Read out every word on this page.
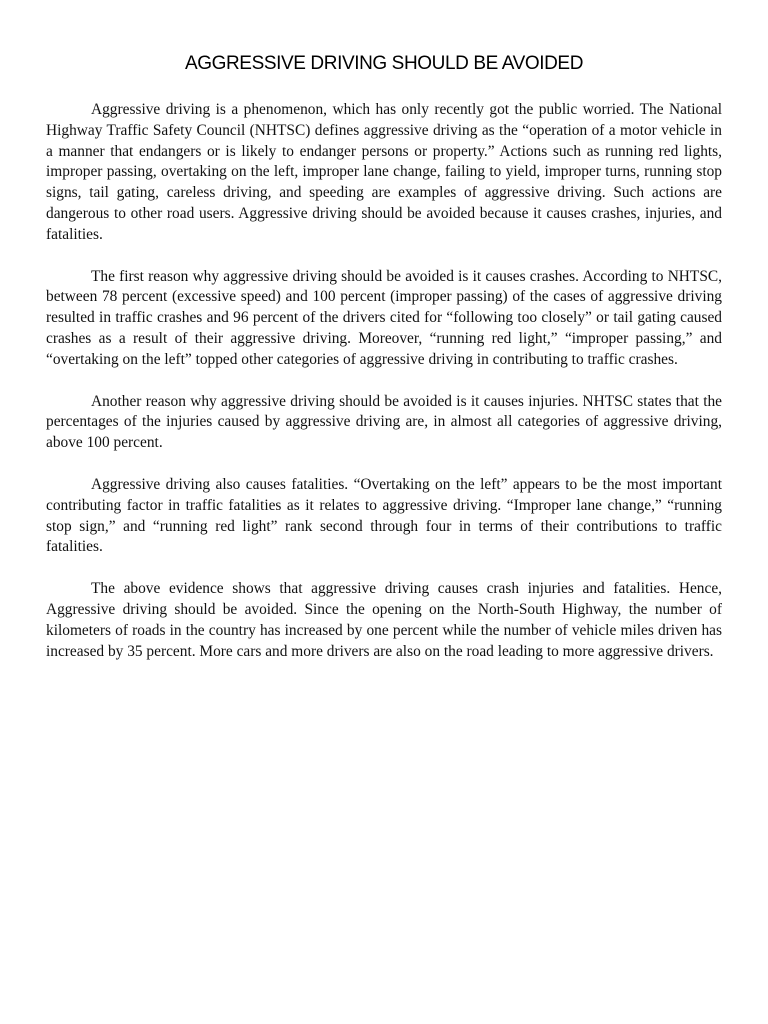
AGGRESSIVE DRIVING SHOULD BE AVOIDED

Aggressive driving is a phenomenon, which has only recently got the public worried. The National Highway Traffic Safety Council (NHTSC) defines aggressive driving as the “operation of a motor vehicle in a manner that endangers or is likely to endanger persons or property.” Actions such as running red lights, improper passing, overtaking on the left, improper lane change, failing to yield, improper turns, running stop signs, tail gating, careless driving, and speeding are examples of aggressive driving. Such actions are dangerous to other road users. Aggressive driving should be avoided because it causes crashes, injuries, and fatalities.

The first reason why aggressive driving should be avoided is it causes crashes. According to NHTSC, between 78 percent (excessive speed) and 100 percent (improper passing) of the cases of aggressive driving resulted in traffic crashes and 96 percent of the drivers cited for “following too closely” or tail gating caused crashes as a result of their aggressive driving. Moreover, “running red light,” “improper passing,” and “overtaking on the left” topped other categories of aggressive driving in contributing to traffic crashes.

Another reason why aggressive driving should be avoided is it causes injuries. NHTSC states that the percentages of the injuries caused by aggressive driving are, in almost all categories of aggressive driving, above 100 percent.

Aggressive driving also causes fatalities. “Overtaking on the left” appears to be the most important contributing factor in traffic fatalities as it relates to aggressive driving. “Improper lane change,” “running stop sign,” and “running red light” rank second through four in terms of their contributions to traffic fatalities.

The above evidence shows that aggressive driving causes crash injuries and fatalities. Hence, Aggressive driving should be avoided. Since the opening on the North-South Highway, the number of kilometers of roads in the country has increased by one percent while the number of vehicle miles driven has increased by 35 percent. More cars and more drivers are also on the road leading to more aggressive drivers.
